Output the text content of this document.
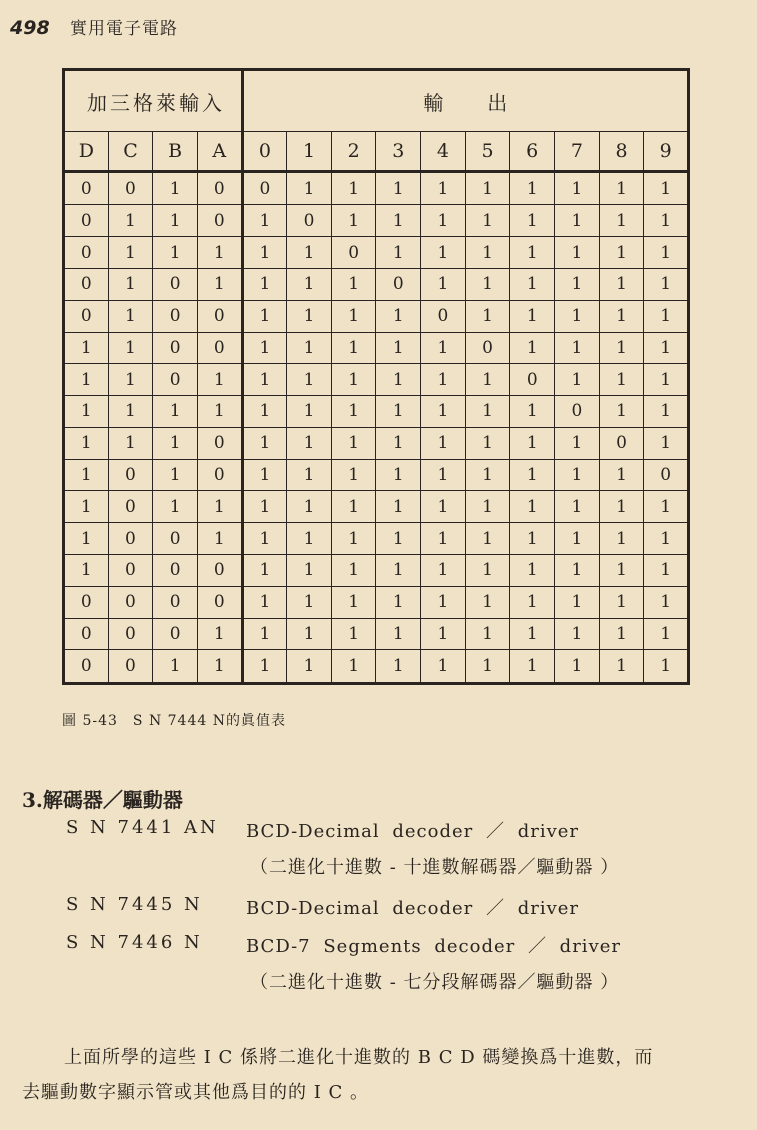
498 實用電子電路
加三格萊輸入				輸出									
D	C	B	A	0	1	2	3	4	5	6	7	8	9
0	0	1	0	0	1	1	1	1	1	1	1	1	1
0	1	1	0	1	0	1	1	1	1	1	1	1	1
0	1	1	1	1	1	0	1	1	1	1	1	1	1
0	1	0	1	1	1	1	0	1	1	1	1	1	1
0	1	0	0	1	1	1	1	0	1	1	1	1	1
1	1	0	0	1	1	1	1	1	0	1	1	1	1
1	1	0	1	1	1	1	1	1	1	0	1	1	1
1	1	1	1	1	1	1	1	1	1	1	0	1	1
1	1	1	0	1	1	1	1	1	1	1	1	0	1
1	0	1	0	1	1	1	1	1	1	1	1	1	0
1	0	1	1	1	1	1	1	1	1	1	1	1	1
1	0	0	1	1	1	1	1	1	1	1	1	1	1
1	0	0	0	1	1	1	1	1	1	1	1	1	1
0	0	0	0	1	1	1	1	1	1	1	1	1	1
0	0	0	1	1	1	1	1	1	1	1	1	1	1
0	0	1	1	1	1	1	1	1	1	1	1	1	1
圖 5-43　S N 7444 N的眞值表
3.解碼器／驅動器
S N 7441 AN BCD-Decimal decoder ／ driver
（二進化十進數 - 十進數解碼器／驅動器 ）
S N 7445 N BCD-Decimal decoder ／ driver
S N 7446 N BCD-7 Segments decoder ／ driver
（二進化十進數 - 七分段解碼器／驅動器 ）
上面所學的這些 I C 係將二進化十進數的 B C D 碼變換爲十進數，而
去驅動數字顯示管或其他爲目的的 I C 。
